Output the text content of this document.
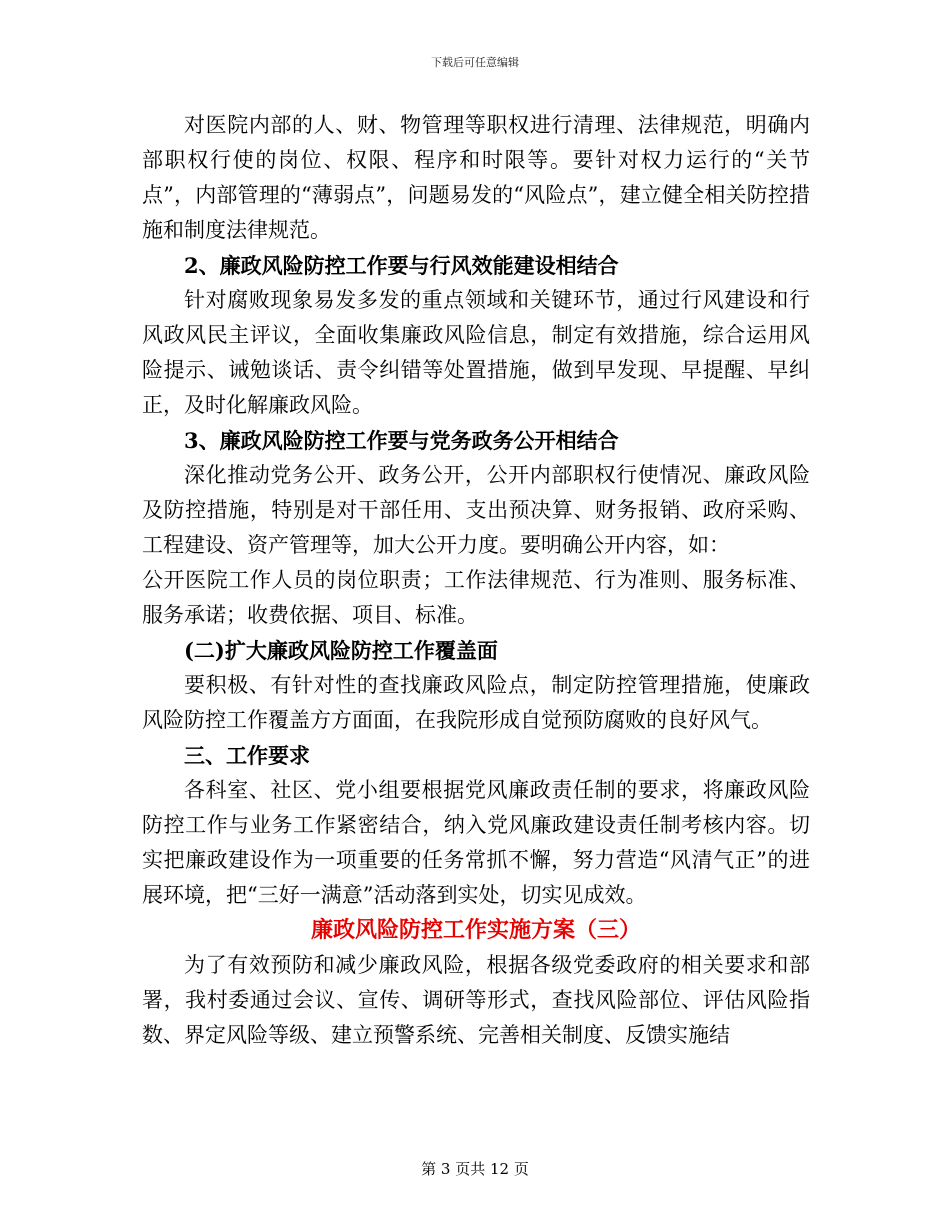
下载后可任意编辑

对医院内部的人、财、物管理等职权进行清理、法律规范，明确内部职权行使的岗位、权限、程序和时限等。要针对权力运行的“关节点”，内部管理的“薄弱点”，问题易发的“风险点”，建立健全相关防控措施和制度法律规范。

2、廉政风险防控工作要与行风效能建设相结合

针对腐败现象易发多发的重点领域和关键环节，通过行风建设和行风政风民主评议，全面收集廉政风险信息，制定有效措施，综合运用风险提示、诫勉谈话、责令纠错等处置措施，做到早发现、早提醒、早纠正，及时化解廉政风险。

3、廉政风险防控工作要与党务政务公开相结合

深化推动党务公开、政务公开，公开内部职权行使情况、廉政风险及防控措施，特别是对干部任用、支出预决算、财务报销、政府采购、工程建设、资产管理等，加大公开力度。要明确公开内容，如：

公开医院工作人员的岗位职责；工作法律规范、行为准则、服务标准、服务承诺；收费依据、项目、标准。

(二)扩大廉政风险防控工作覆盖面

要积极、有针对性的查找廉政风险点，制定防控管理措施，使廉政风险防控工作覆盖方方面面，在我院形成自觉预防腐败的良好风气。

三、工作要求

各科室、社区、党小组要根据党风廉政责任制的要求，将廉政风险防控工作与业务工作紧密结合，纳入党风廉政建设责任制考核内容。切实把廉政建设作为一项重要的任务常抓不懈，努力营造“风清气正”的进展环境，把“三好一满意”活动落到实处，切实见成效。

廉政风险防控工作实施方案（三）

为了有效预防和减少廉政风险，根据各级党委政府的相关要求和部署，我村委通过会议、宣传、调研等形式，查找风险部位、评估风险指数、界定风险等级、建立预警系统、完善相关制度、反馈实施结

第 3 页共 12 页
